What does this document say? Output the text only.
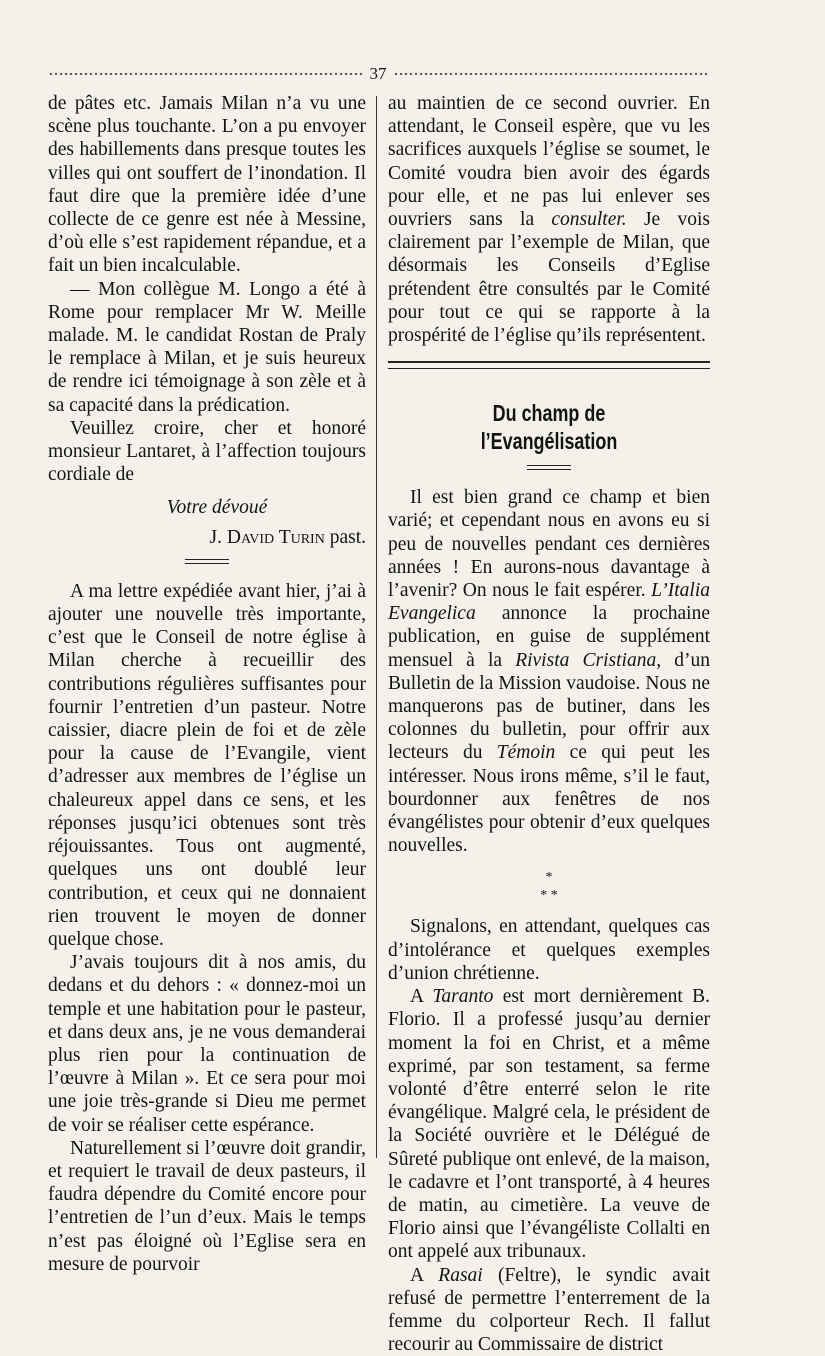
37

de pâtes etc. Jamais Milan n’a vu une scène plus touchante. L’on a pu envoyer des habillements dans presque toutes les villes qui ont souffert de l’inondation. Il faut dire que la première idée d’une collecte de ce genre est née à Messine, d’où elle s’est rapidement répandue, et a fait un bien incalculable.

— Mon collègue M. Longo a été à Rome pour remplacer Mr W. Meille malade. M. le candidat Rostan de Praly le remplace à Milan, et je suis heureux de rendre ici témoignage à son zèle et à sa capacité dans la prédication.

Veuillez croire, cher et honoré monsieur Lantaret, à l’affection toujours cordiale de

Votre dévoué

J. David Turin past.

A ma lettre expédiée avant hier, j’ai à ajouter une nouvelle très importante, c’est que le Conseil de notre église à Milan cherche à recueillir des contributions régulières suffisantes pour fournir l’entretien d’un pasteur. Notre caissier, diacre plein de foi et de zèle pour la cause de l’Evangile, vient d’adresser aux membres de l’église un chaleureux appel dans ce sens, et les réponses jusqu’ici obtenues sont très réjouissantes. Tous ont augmenté, quelques uns ont doublé leur contribution, et ceux qui ne donnaient rien trouvent le moyen de donner quelque chose.

J’avais toujours dit à nos amis, du dedans et du dehors : « donnez-moi un temple et une habitation pour le pasteur, et dans deux ans, je ne vous demanderai plus rien pour la continuation de l’œuvre à Milan ». Et ce sera pour moi une joie très-grande si Dieu me permet de voir se réaliser cette espérance.

Naturellement si l’œuvre doit grandir, et requiert le travail de deux pasteurs, il faudra dépendre du Comité encore pour l’entretien de l’un d’eux. Mais le temps n’est pas éloigné où l’Eglise sera en mesure de pourvoir

au maintien de ce second ouvrier. En attendant, le Conseil espère, que vu les sacrifices auxquels l’église se soumet, le Comité voudra bien avoir des égards pour elle, et ne pas lui enlever ses ouvriers sans la consulter. Je vois clairement par l’exemple de Milan, que désormais les Conseils d’Eglise prétendent être consultés par le Comité pour tout ce qui se rapporte à la prospérité de l’église qu’ils représentent.

Du champ de l’Evangélisation

Il est bien grand ce champ et bien varié; et cependant nous en avons eu si peu de nouvelles pendant ces dernières années ! En aurons-nous davantage à l’avenir? On nous le fait espérer. L’Italia Evangelica annonce la prochaine publication, en guise de supplément mensuel à la Rivista Cristiana, d’un Bulletin de la Mission vaudoise. Nous ne manquerons pas de butiner, dans les colonnes du bulletin, pour offrir aux lecteurs du Témoin ce qui peut les intéresser. Nous irons même, s’il le faut, bourdonner aux fenêtres de nos évangélistes pour obtenir d’eux quelques nouvelles.

*
* *

Signalons, en attendant, quelques cas d’intolérance et quelques exemples d’union chrétienne.

A Taranto est mort dernièrement B. Florio. Il a professé jusqu’au dernier moment la foi en Christ, et a même exprimé, par son testament, sa ferme volonté d’être enterré selon le rite évangélique. Malgré cela, le président de la Société ouvrière et le Délégué de Sûreté publique ont enlevé, de la maison, le cadavre et l’ont transporté, à 4 heures de matin, au cimetière. La veuve de Florio ainsi que l’évangéliste Collalti en ont appelé aux tribunaux.

A Rasai (Feltre), le syndic avait refusé de permettre l’enterrement de la femme du colporteur Rech. Il fallut recourir au Commissaire de district
